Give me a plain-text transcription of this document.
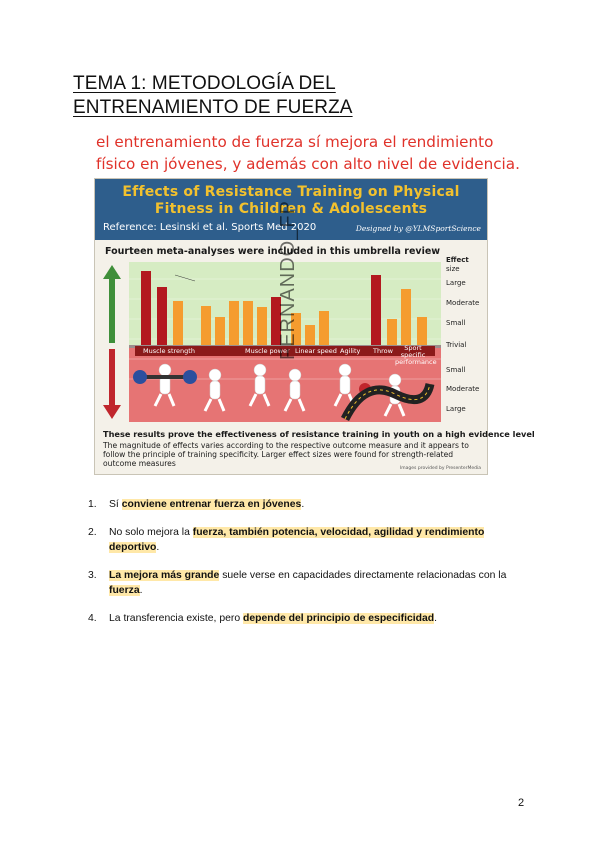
TEMA 1: METODOLOGÍA DEL
ENTRENAMIENTO DE FUERZA
el entrenamiento de fuerza sí mejora el rendimiento
físico en jóvenes, y además con alto nivel de evidencia.
Effects of Resistance Training on Physical
Fitness in Children & Adolescents
Reference: Lesinski et al. Sports Med 2020	Designed by @YLMSportScience
Fourteen meta-analyses were included in this umbrella review
Effect
size
Large
Moderate
Small
Trivial
Small
Moderate
Large
Muscle strength	Muscle power Linear speed Agility Throw	Sport specific performance
These results prove the effectiveness of resistance training in youth on a high evidence level
The magnitude of effects varies according to the respective outcome measure and it appears to follow the principle of training specificity. Larger effect sizes were found for strength-related outcome measures
Images provided by PresenterMedia
FERNANDO_FP
1. Sí conviene entrenar fuerza en jóvenes.
2. No solo mejora la fuerza, también potencia, velocidad, agilidad y rendimiento deportivo.
3. La mejora más grande suele verse en capacidades directamente relacionadas con la fuerza.
4. La transferencia existe, pero depende del principio de especificidad.
2
